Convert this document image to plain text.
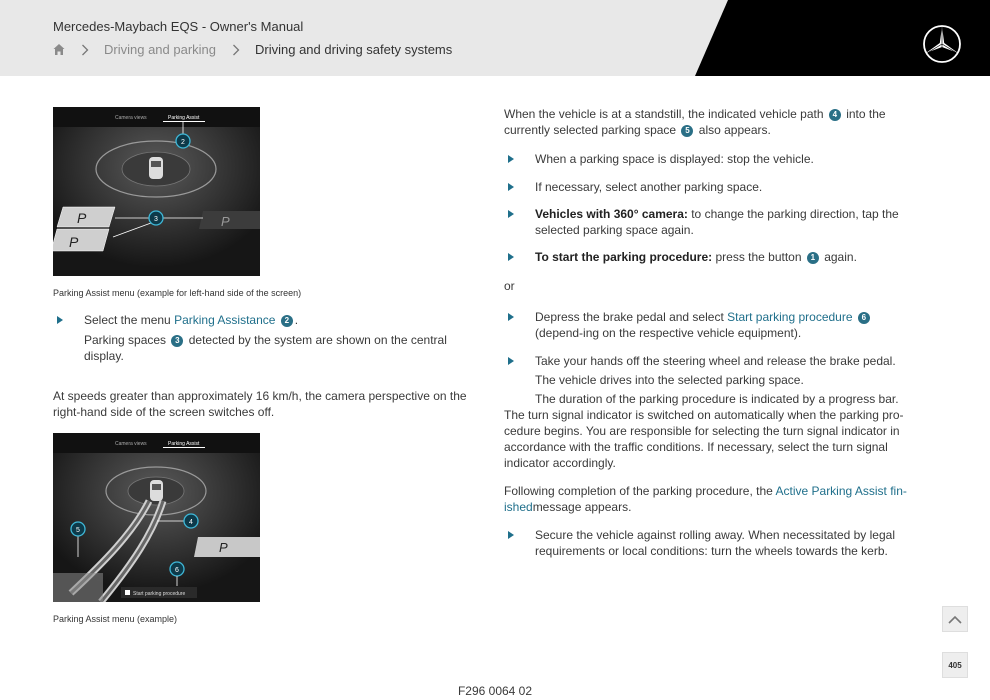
Mercedes-Maybach EQS - Owner's Manual
Driving and parking	Driving and driving safety systems
Camera views	Parking Assist
P
P
P
2
3
Parking Assist menu (example for left-hand side of the screen)
Select the menu Parking Assistance 2 .
Parking spaces 3 detected by the system are shown on the central display.
At speeds greater than approximately 16 km/h, the camera perspective on the right-hand side of the screen switches off.
Camera views	Parking Assist
P
5
4
6
Start parking procedure
Parking Assist menu (example)
When the vehicle is at a standstill, the indicated vehicle path 4 into the currently selected parking space 5 also appears.
When a parking space is displayed: stop the vehicle.
If necessary, select another parking space.
Vehicles with 360° camera: to change the parking direction, tap the selected parking space again.
To start the parking procedure: press the button 1 again.
or
Depress the brake pedal and select Start parking procedure 6 (depend-ing on the respective vehicle equipment).
Take your hands off the steering wheel and release the brake pedal.
The vehicle drives into the selected parking space.
The duration of the parking procedure is indicated by a progress bar.
The turn signal indicator is switched on automatically when the parking pro-cedure begins. You are responsible for selecting the turn signal indicator in accordance with the traffic conditions. If necessary, select the turn signal indicator accordingly.
Following completion of the parking procedure, the Active Parking Assist fin-ishedmessage appears.
Secure the vehicle against rolling away. When necessitated by legal requirements or local conditions: turn the wheels towards the kerb.
405
F296 0064 02
